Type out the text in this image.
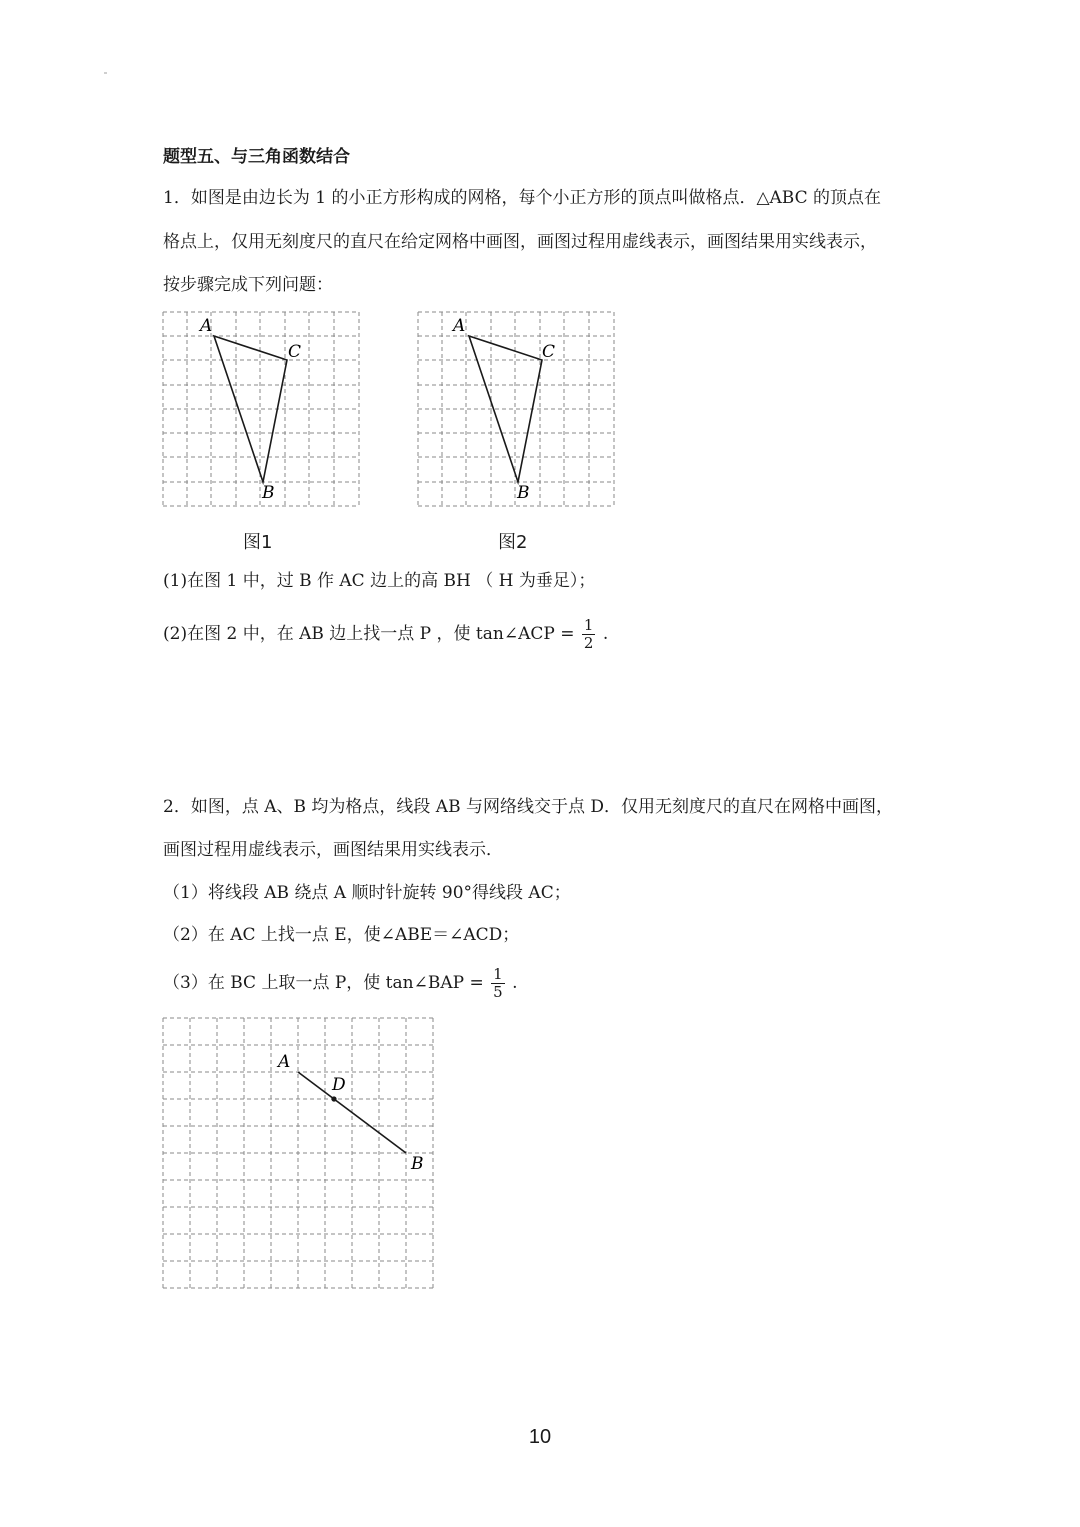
题型五、与三角函数结合
1．如图是由边长为 1 的小正方形构成的网格，每个小正方形的顶点叫做格点．△ABC 的顶点在
格点上，仅用无刻度尺的直尺在给定网格中画图，画图过程用虚线表示，画图结果用实线表示，
按步骤完成下列问题：
A
C
B
A
C
B
图1	图2
(1)在图 1 中，过 B 作 AC 边上的高 BH （ H 为垂足）；
(2)在图 2 中，在 AB 边上找一点 P ，使 tan∠ACP = $\frac{1}{2}$ .
2．如图，点 A、B 均为格点，线段 AB 与网络线交于点 D．仅用无刻度尺的直尺在网格中画图，
画图过程用虚线表示，画图结果用实线表示．
（1）将线段 AB 绕点 A 顺时针旋转 90°得线段 AC；
（2）在 AC 上找一点 E，使∠ABE＝∠ACD；
（3）在 BC 上取一点 P，使 tan∠BAP = $\frac{1}{5}$ .
A
D
B
10
